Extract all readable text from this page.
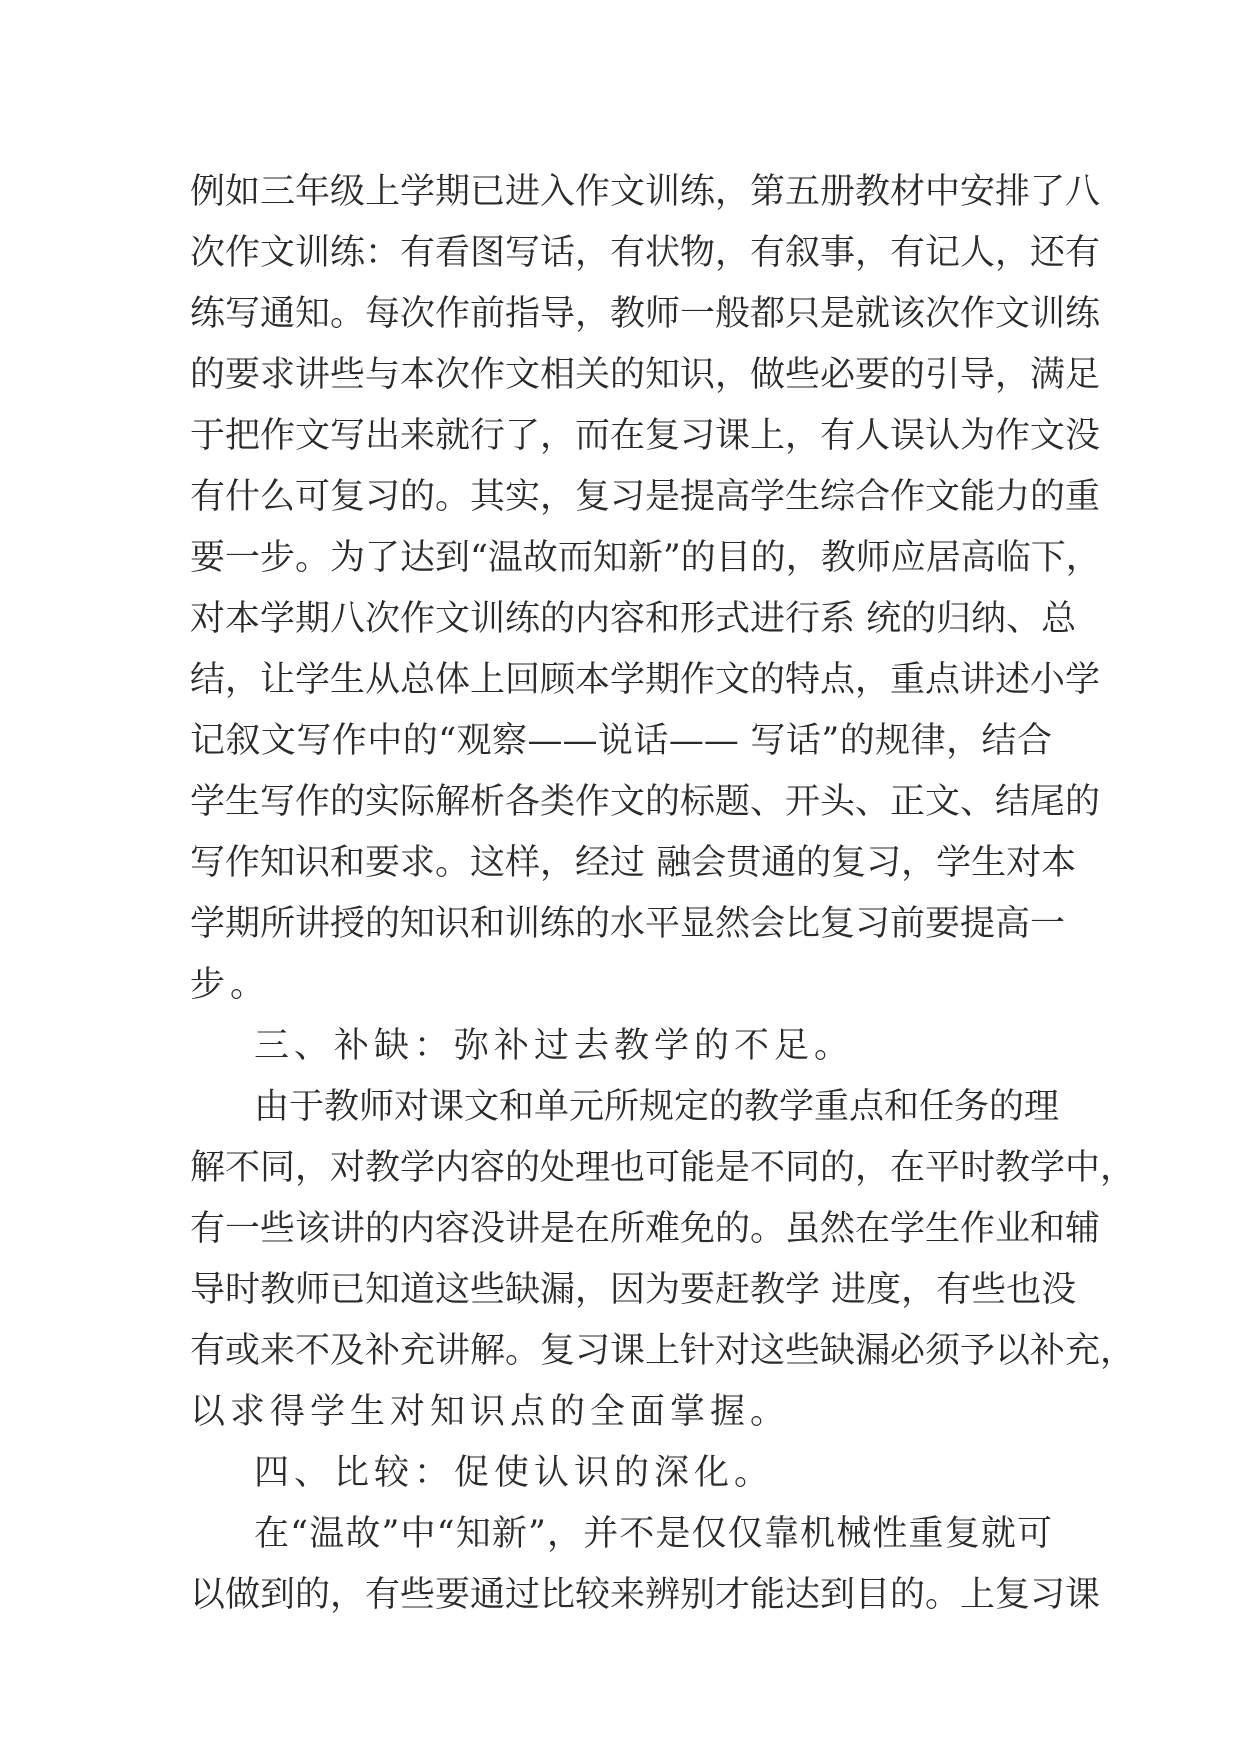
例如三年级上学期已进入作文训练，第五册教材中安排了八
次作文训练：有看图写话，有状物，有叙事，有记人，还有
练写通知。每次作前指导，教师一般都只是就该次作文训练
的要求讲些与本次作文相关的知识，做些必要的引导，满足
于把作文写出来就行了，而在复习课上，有人误认为作文没
有什么可复习的。其实，复习是提高学生综合作文能力的重
要一步。为了达到“温故而知新”的目的，教师应居高临下，
对本学期八次作文训练的内容和形式进行系 统的归纳、总
结，让学生从总体上回顾本学期作文的特点，重点讲述小学
记叙文写作中的“观察——说话—— 写话”的规律，结合
学生写作的实际解析各类作文的标题、开头、正文、结尾的
写作知识和要求。这样，经过 融会贯通的复习，学生对本
学期所讲授的知识和训练的水平显然会比复习前要提高一
步。
三、补缺：弥补过去教学的不足。
由于教师对课文和单元所规定的教学重点和任务的理
解不同，对教学内容的处理也可能是不同的，在平时教学中，
有一些该讲的内容没讲是在所难免的。虽然在学生作业和辅
导时教师已知道这些缺漏，因为要赶教学 进度，有些也没
有或来不及补充讲解。复习课上针对这些缺漏必须予以补充，
以求得学生对知识点的全面掌握。
四、比较：促使认识的深化。
在“温故”中“知新”，并不是仅仅靠机械性重复就可
以做到的，有些要通过比较来辨别才能达到目的。上复习课
